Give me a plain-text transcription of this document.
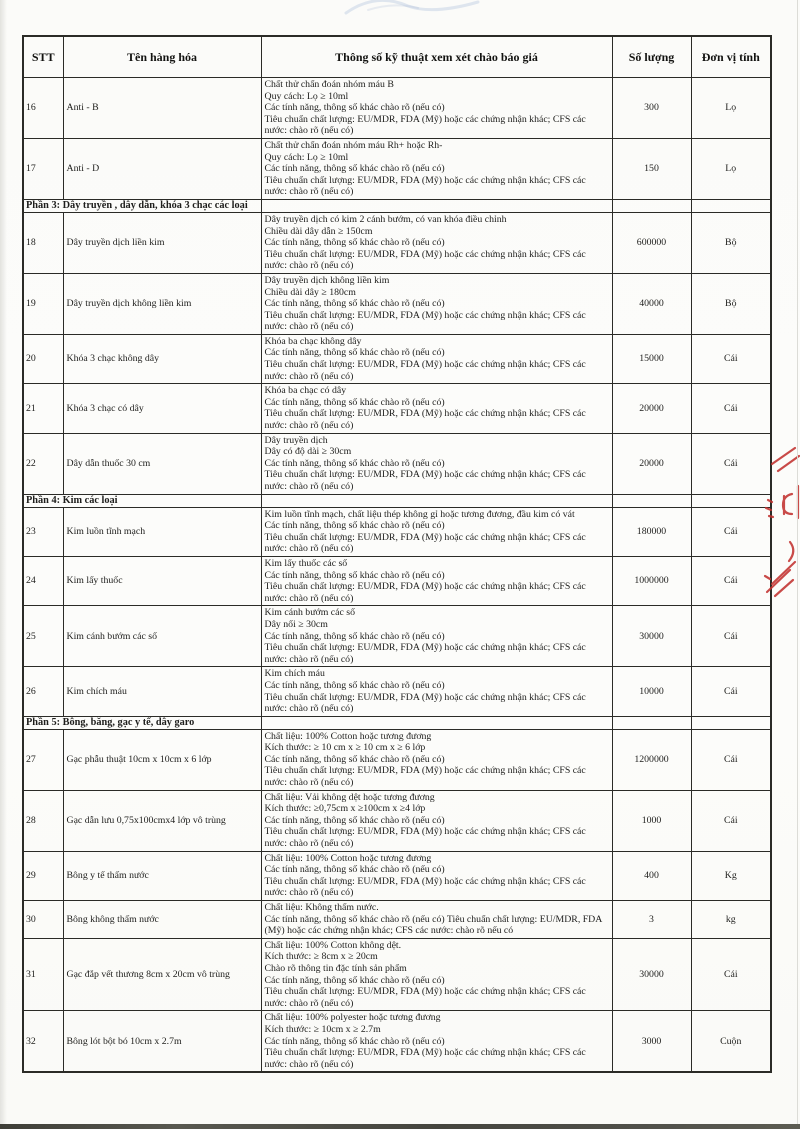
STT	Tên hàng hóa	Thông số kỹ thuật xem xét chào báo giá	Số lượng	Đơn vị tính
16	Anti - B	Chất thử chẩn đoán nhóm máu B
Quy cách: Lọ ≥ 10ml
Các tính năng, thông số khác chào rõ (nếu có)
Tiêu chuẩn chất lượng: EU/MDR, FDA (Mỹ) hoặc các chứng nhận khác; CFS các nước: chào rõ (nếu có)	300	Lọ
17	Anti - D	Chất thử chẩn đoán nhóm máu Rh+ hoặc Rh-
Quy cách: Lọ ≥ 10ml
Các tính năng, thông số khác chào rõ (nếu có)
Tiêu chuẩn chất lượng: EU/MDR, FDA (Mỹ) hoặc các chứng nhận khác; CFS các nước: chào rõ (nếu có)	150	Lọ
Phần 3: Dây truyền , dây dẫn, khóa 3 chạc các loại				
18	Dây truyền dịch liền kim	Dây truyền dịch có kim 2 cánh bướm, có van khóa điều chỉnh
Chiều dài dây dẫn ≥ 150cm
Các tính năng, thông số khác chào rõ (nếu có)
Tiêu chuẩn chất lượng: EU/MDR, FDA (Mỹ) hoặc các chứng nhận khác; CFS các nước: chào rõ (nếu có)	600000	Bộ
19	Dây truyền dịch không liền kim	Dây truyền dịch không liền kim
Chiều dài dây ≥ 180cm
Các tính năng, thông số khác chào rõ (nếu có)
Tiêu chuẩn chất lượng: EU/MDR, FDA (Mỹ) hoặc các chứng nhận khác; CFS các nước: chào rõ (nếu có)	40000	Bộ
20	Khóa 3 chạc không dây	Khóa ba chạc không dây
Các tính năng, thông số khác chào rõ (nếu có)
Tiêu chuẩn chất lượng: EU/MDR, FDA (Mỹ) hoặc các chứng nhận khác; CFS các nước: chào rõ (nếu có)	15000	Cái
21	Khóa 3 chạc có dây	Khóa ba chạc có dây
Các tính năng, thông số khác chào rõ (nếu có)
Tiêu chuẩn chất lượng: EU/MDR, FDA (Mỹ) hoặc các chứng nhận khác; CFS các nước: chào rõ (nếu có)	20000	Cái
22	Dây dẫn thuốc 30 cm	Dây truyền dịch
Dây có độ dài ≥ 30cm
Các tính năng, thông số khác chào rõ (nếu có)
Tiêu chuẩn chất lượng: EU/MDR, FDA (Mỹ) hoặc các chứng nhận khác; CFS các nước: chào rõ (nếu có)	20000	Cái
Phần 4: Kim các loại				
23	Kim luồn tĩnh mạch	Kim luồn tĩnh mạch, chất liệu thép không gỉ hoặc tương đương, đầu kim có vát
Các tính năng, thông số khác chào rõ (nếu có)
Tiêu chuẩn chất lượng: EU/MDR, FDA (Mỹ) hoặc các chứng nhận khác; CFS các nước: chào rõ (nếu có)	180000	Cái
24	Kim lấy thuốc	Kim lấy thuốc các số
Các tính năng, thông số khác chào rõ (nếu có)
Tiêu chuẩn chất lượng: EU/MDR, FDA (Mỹ) hoặc các chứng nhận khác; CFS các nước: chào rõ (nếu có)	1000000	Cái
25	Kim cánh bướm các số	Kim cánh bướm các số
Dây nối ≥ 30cm
Các tính năng, thông số khác chào rõ (nếu có)
Tiêu chuẩn chất lượng: EU/MDR, FDA (Mỹ) hoặc các chứng nhận khác; CFS các nước: chào rõ (nếu có)	30000	Cái
26	Kim chích máu	Kim chích máu
Các tính năng, thông số khác chào rõ (nếu có)
Tiêu chuẩn chất lượng: EU/MDR, FDA (Mỹ) hoặc các chứng nhận khác; CFS các nước: chào rõ (nếu có)	10000	Cái
Phần 5: Bông, băng, gạc y tế, dây garo				
27	Gạc phẫu thuật 10cm x 10cm x 6 lớp	Chất liệu: 100% Cotton hoặc tương đương
Kích thước: ≥ 10 cm x ≥ 10 cm x ≥ 6 lớp
Các tính năng, thông số khác chào rõ (nếu có)
Tiêu chuẩn chất lượng: EU/MDR, FDA (Mỹ) hoặc các chứng nhận khác; CFS các nước: chào rõ (nếu có)	1200000	Cái
28	Gạc dẫn lưu 0,75x100cmx4 lớp vô trùng	Chất liệu: Vải không dệt hoặc tương đương
Kích thước: ≥0,75cm x ≥100cm x ≥4 lớp
Các tính năng, thông số khác chào rõ (nếu có)
Tiêu chuẩn chất lượng: EU/MDR, FDA (Mỹ) hoặc các chứng nhận khác; CFS các nước: chào rõ (nếu có)	1000	Cái
29	Bông y tế thấm nước	Chất liệu: 100% Cotton hoặc tương đương
Các tính năng, thông số khác chào rõ (nếu có)
Tiêu chuẩn chất lượng: EU/MDR, FDA (Mỹ) hoặc các chứng nhận khác; CFS các nước: chào rõ (nếu có)	400	Kg
30	Bông không thấm nước	Chất liệu: Không thấm nước.
Các tính năng, thông số khác chào rõ (nếu có) Tiêu chuẩn chất lượng: EU/MDR, FDA (Mỹ) hoặc các chứng nhận khác; CFS các nước: chào rõ nếu có	3	kg
31	Gạc đắp vết thương 8cm x 20cm vô trùng	Chất liệu: 100% Cotton không dệt.
Kích thước: ≥ 8cm x ≥ 20cm
Chào rõ thông tin đặc tính sản phẩm
Các tính năng, thông số khác chào rõ (nếu có)
Tiêu chuẩn chất lượng: EU/MDR, FDA (Mỹ) hoặc các chứng nhận khác; CFS các nước: chào rõ (nếu có)	30000	Cái
32	Bông lót bột bó 10cm x 2.7m	Chất liệu: 100% polyester hoặc tương đương
Kích thước: ≥ 10cm x ≥ 2.7m
Các tính năng, thông số khác chào rõ (nếu có)
Tiêu chuẩn chất lượng: EU/MDR, FDA (Mỹ) hoặc các chứng nhận khác; CFS các nước: chào rõ (nếu có)	3000	Cuộn
